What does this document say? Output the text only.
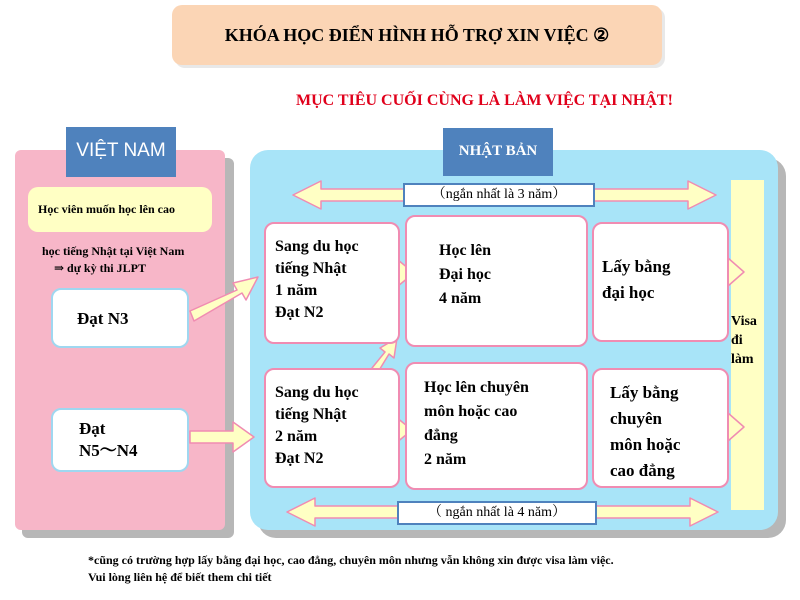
KHÓA HỌC ĐIỂN HÌNH HỖ TRỢ XIN VIỆC ②
MỤC TIÊU CUỐI CÙNG LÀ LÀM VIỆC TẠI NHẬT!
VIỆT NAM
Học viên muốn học lên cao
học tiếng Nhật tại Việt Nam
⇒ dự kỳ thi JLPT
Đạt N3
Đạt
N5〜N4
NHẬT BẢN
（ngắn nhất là 3 năm）
（ ngắn nhất là 4 năm）
Sang du học
tiếng Nhật
1 năm
Đạt N2
Học lên
Đại học
4 năm
Lấy bằng
đại học
Sang du học
tiếng Nhật
2 năm
Đạt N2
Học lên chuyên
môn hoặc cao
đẳng
2 năm
Lấy bằng
chuyên
môn hoặc
cao đẳng
Visa
đi
làm
*cũng có trường hợp lấy bằng đại học, cao đẳng, chuyên môn nhưng vẫn không xin được visa làm việc.
Vui lòng liên hệ để biết them chi tiết
